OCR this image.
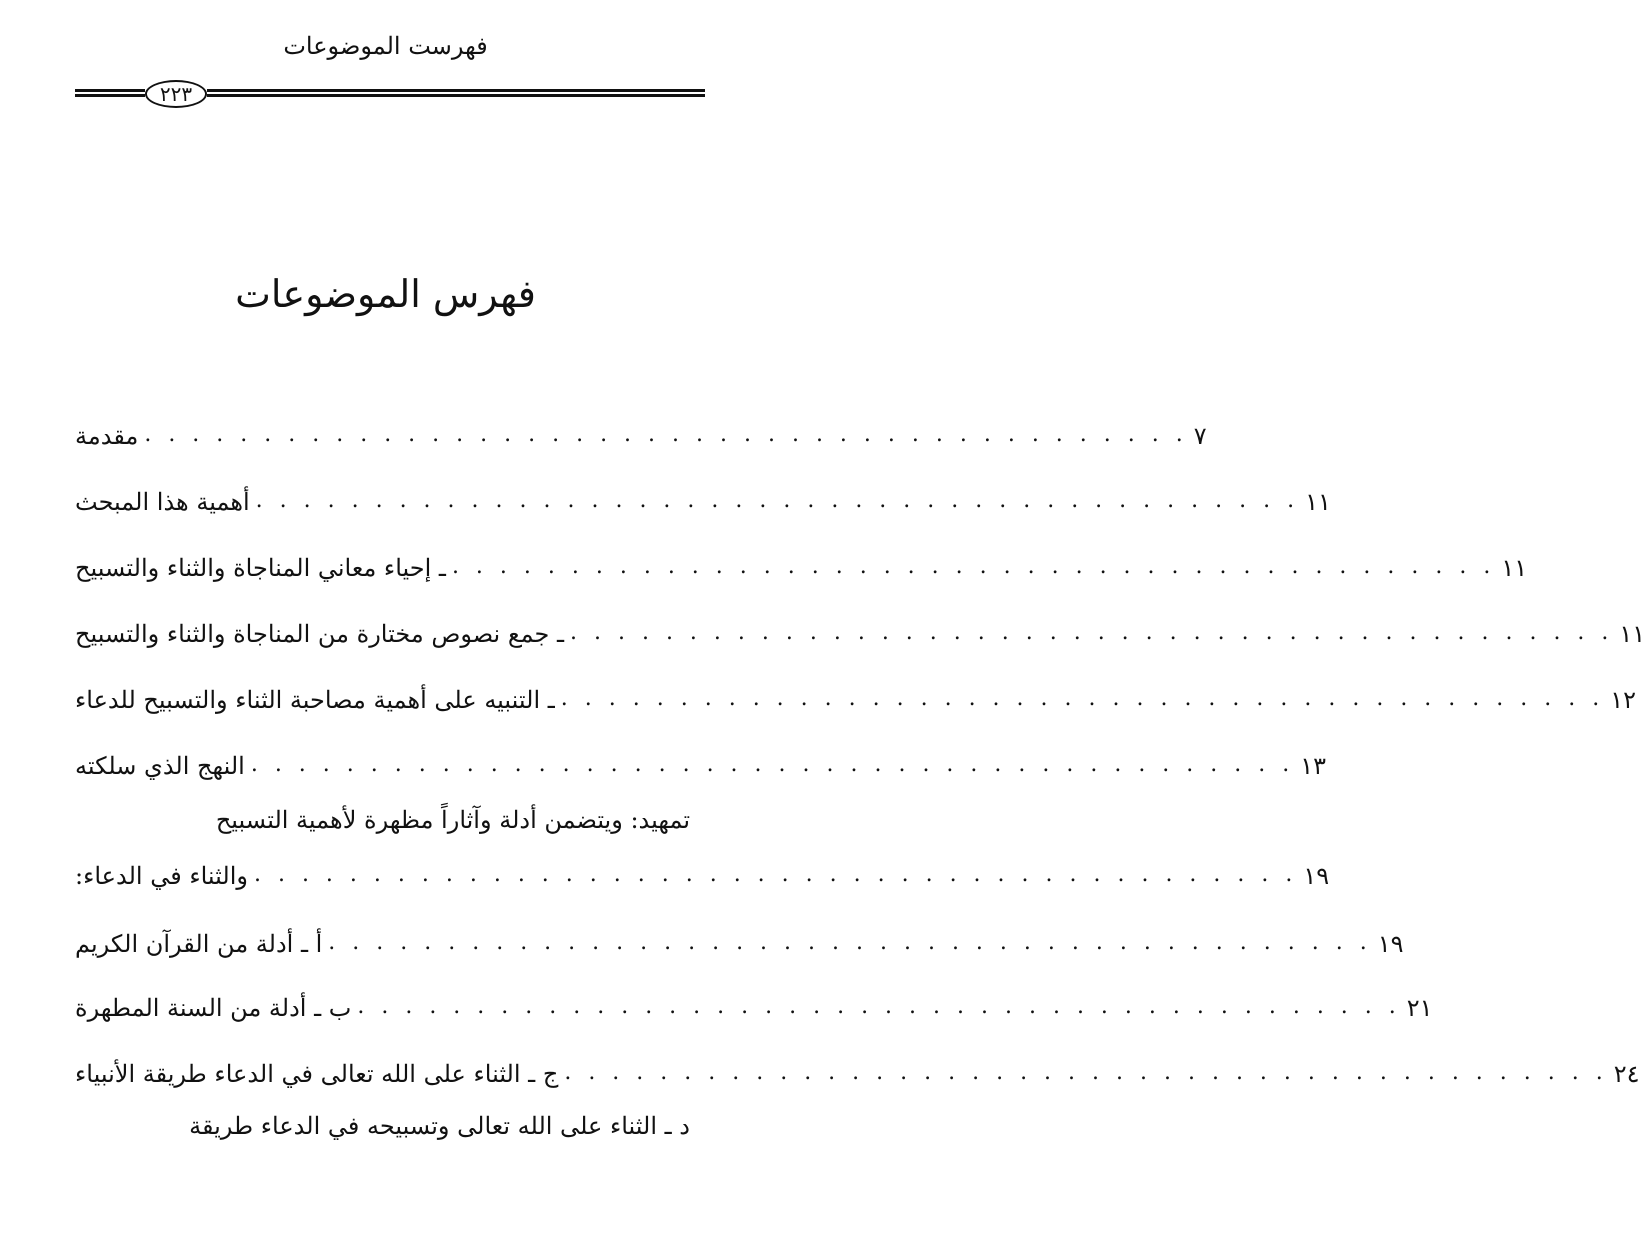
فهرست الموضوعات
٢٢٣
فهرس الموضوعات
مقدمة . . . . . . . . . . . . . . . . . . . . . . . . . . . . . . . . . . . . . . . . . . . . ٧
أهمية هذا المبحث . . . . . . . . . . . . . . . . . . . . . . . . . . . . . . . . . . . . . . . . . . . . ١١
ـ إحياء معاني المناجاة والثناء والتسبيح . . . . . . . . . . . . . . . . . . . . . . . . . . . . . . . . . . . . . . . . . . . . ١١
ـ جمع نصوص مختارة من المناجاة والثناء والتسبيح . . . . . . . . . . . . . . . . . . . . . . . . . . . . . . . . . . . . . . . . . . . . ١١
ـ التنبيه على أهمية مصاحبة الثناء والتسبيح للدعاء . . . . . . . . . . . . . . . . . . . . . . . . . . . . . . . . . . . . . . . . . . . . ١٢
النهج الذي سلكته . . . . . . . . . . . . . . . . . . . . . . . . . . . . . . . . . . . . . . . . . . . . ١٣
تمهيد: ويتضمن أدلة وآثاراً مظهرة لأهمية التسبيح
والثناء في الدعاء: . . . . . . . . . . . . . . . . . . . . . . . . . . . . . . . . . . . . . . . . . . . . ١٩
أ ـ أدلة من القرآن الكريم . . . . . . . . . . . . . . . . . . . . . . . . . . . . . . . . . . . . . . . . . . . . ١٩
ب ـ أدلة من السنة المطهرة . . . . . . . . . . . . . . . . . . . . . . . . . . . . . . . . . . . . . . . . . . . . ٢١
ج ـ الثناء على الله تعالى في الدعاء طريقة الأنبياء . . . . . . . . . . . . . . . . . . . . . . . . . . . . . . . . . . . . . . . . . . . . ٢٤
د ـ الثناء على الله تعالى وتسبيحه في الدعاء طريقة
